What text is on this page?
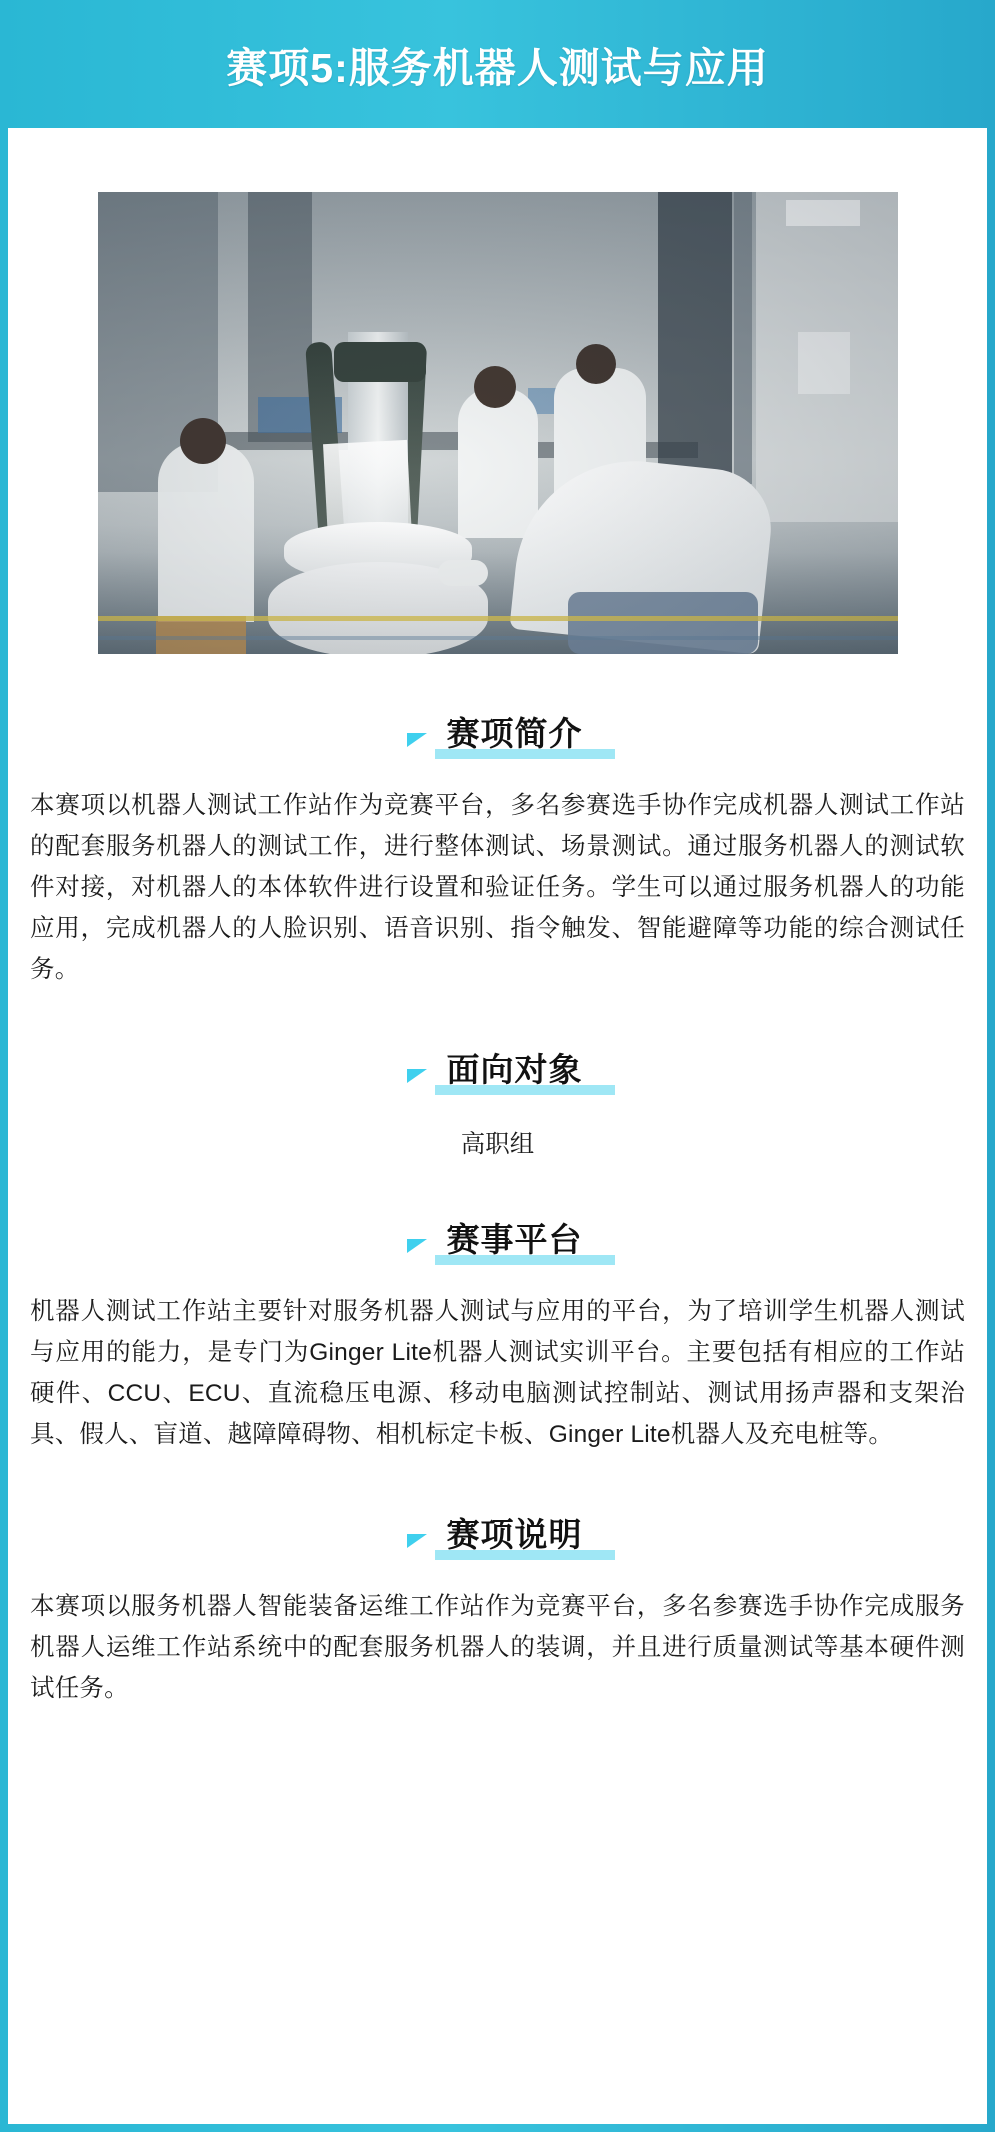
赛项5:服务机器人测试与应用
赛项简介
本赛项以机器人测试工作站作为竞赛平台，多名参赛选手协作完成机器人测试工作站的配套服务机器人的测试工作，进行整体测试、场景测试。通过服务机器人的测试软件对接，对机器人的本体软件进行设置和验证任务。学生可以通过服务机器人的功能应用，完成机器人的人脸识别、语音识别、指令触发、智能避障等功能的综合测试任务。
面向对象
高职组
赛事平台
机器人测试工作站主要针对服务机器人测试与应用的平台，为了培训学生机器人测试与应用的能力，是专门为Ginger Lite机器人测试实训平台。主要包括有相应的工作站硬件、CCU、ECU、直流稳压电源、移动电脑测试控制站、测试用扬声器和支架治具、假人、盲道、越障障碍物、相机标定卡板、Ginger Lite机器人及充电桩等。
赛项说明
本赛项以服务机器人智能装备运维工作站作为竞赛平台，多名参赛选手协作完成服务机器人运维工作站系统中的配套服务机器人的装调，并且进行质量测试等基本硬件测试任务。
